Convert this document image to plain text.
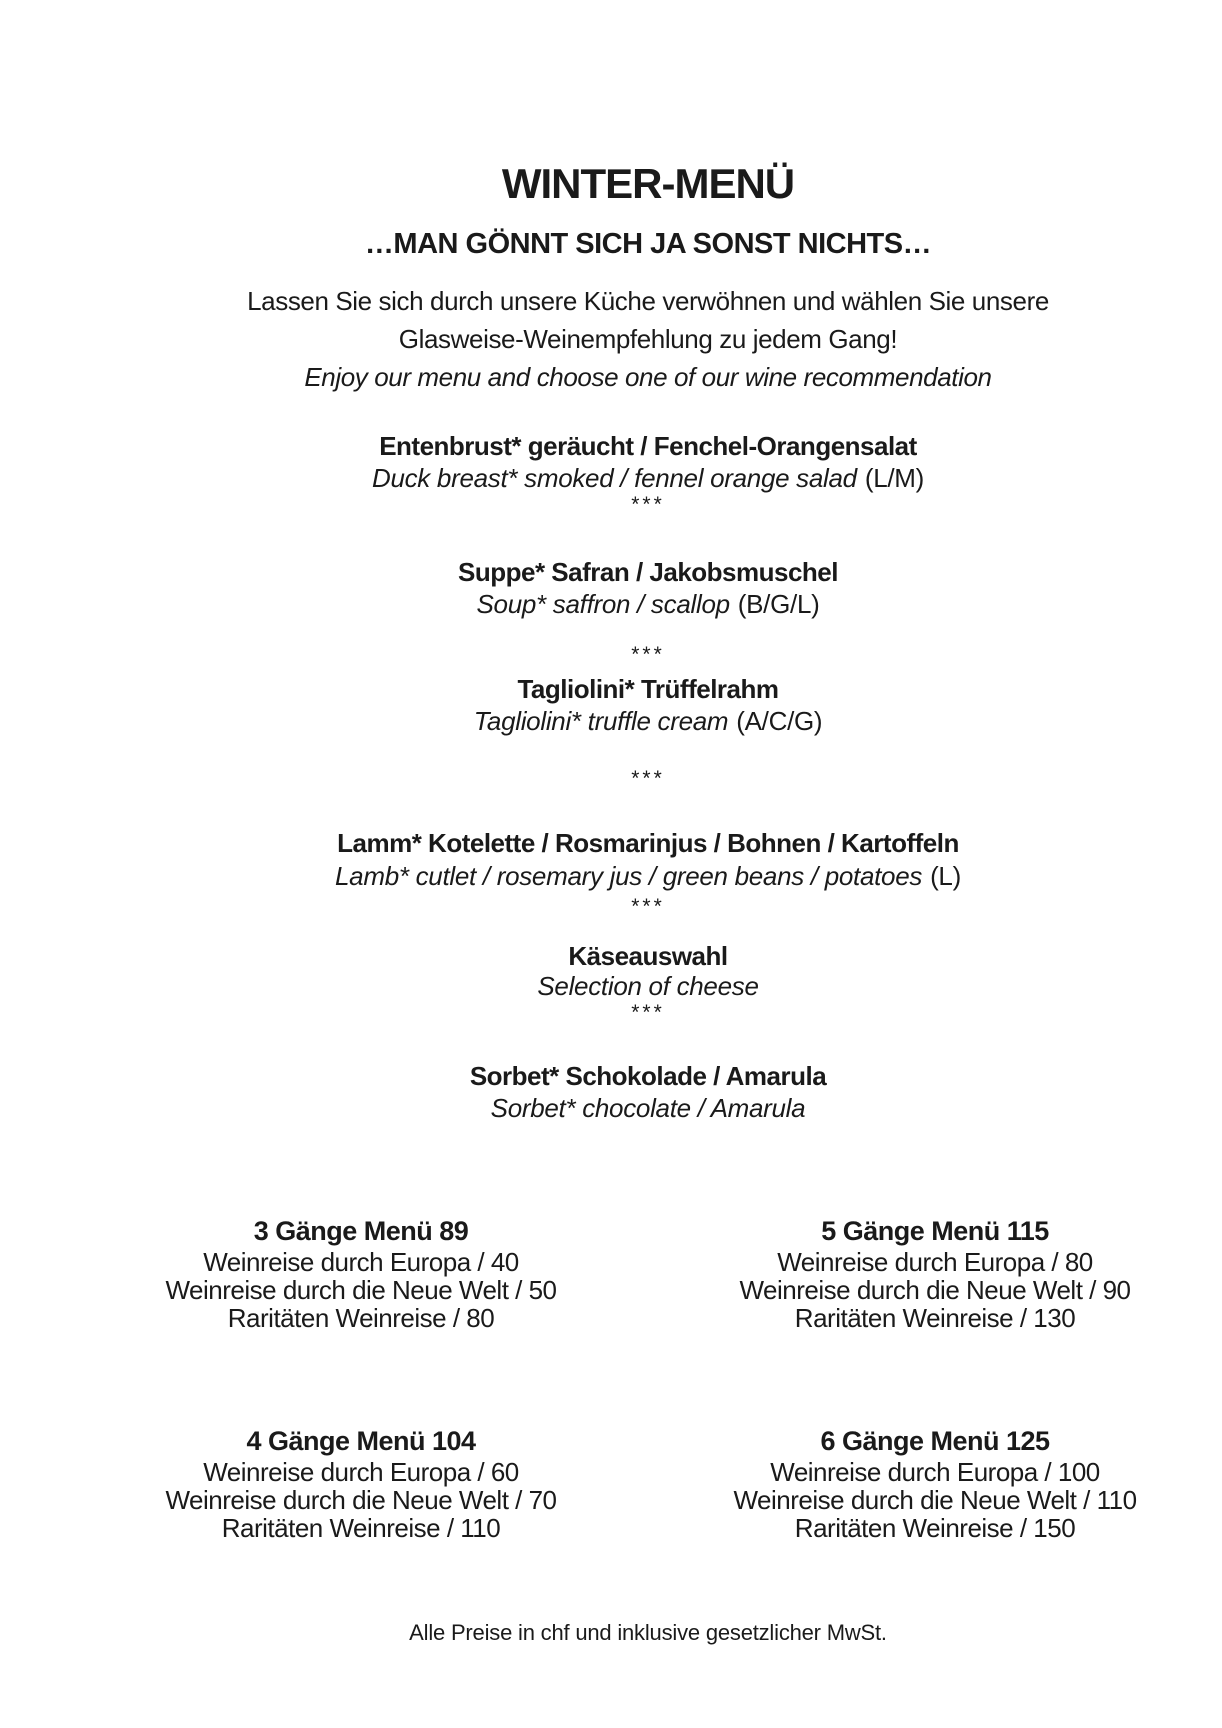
WINTER-MENÜ
…MAN GÖNNT SICH JA SONST NICHTS…
Lassen Sie sich durch unsere Küche verwöhnen und wählen Sie unsere
Glasweise-Weinempfehlung zu jedem Gang!
Enjoy our menu and choose one of our wine recommendation
Entenbrust* geräucht / Fenchel-Orangensalat
Duck breast* smoked / fennel orange salad (L/M)
***
Suppe* Safran / Jakobsmuschel
Soup* saffron / scallop (B/G/L)
***
Tagliolini* Trüffelrahm
Tagliolini* truffle cream (A/C/G)
***
Lamm* Kotelette / Rosmarinjus / Bohnen / Kartoffeln
Lamb* cutlet / rosemary jus / green beans / potatoes (L)
***
Käseauswahl
Selection of cheese
***
Sorbet* Schokolade / Amarula
Sorbet* chocolate / Amarula
3 Gänge Menü 89
Weinreise durch Europa / 40
Weinreise durch die Neue Welt / 50
Raritäten Weinreise / 80
5 Gänge Menü 115
Weinreise durch Europa / 80
Weinreise durch die Neue Welt / 90
Raritäten Weinreise / 130
4 Gänge Menü 104
Weinreise durch Europa / 60
Weinreise durch die Neue Welt / 70
Raritäten Weinreise / 110
6 Gänge Menü 125
Weinreise durch Europa / 100
Weinreise durch die Neue Welt / 110
Raritäten Weinreise / 150
Alle Preise in chf und inklusive gesetzlicher MwSt.
